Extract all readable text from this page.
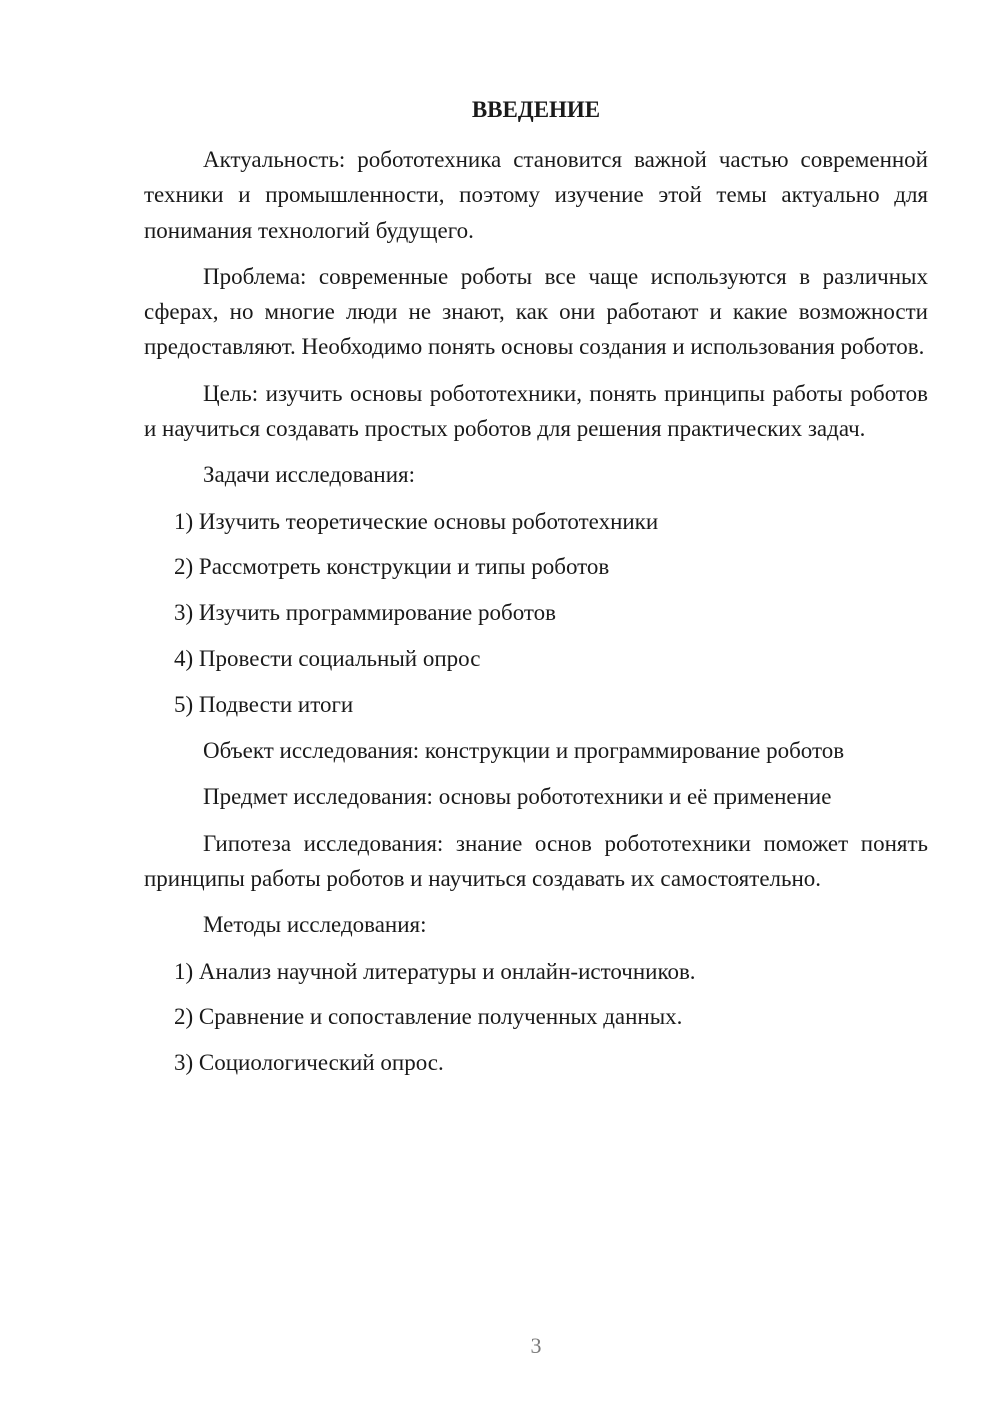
ВВЕДЕНИЕ

Актуальность: робототехника становится важной частью современной техники и промышленности, поэтому изучение этой темы актуально для понимания технологий будущего.

Проблема: современные роботы все чаще используются в различных сферах, но многие люди не знают, как они работают и какие возможности предоставляют. Необходимо понять основы создания и использования роботов.

Цель: изучить основы робототехники, понять принципы работы роботов и научиться создавать простых роботов для решения практических задач.

Задачи исследования:

1) Изучить теоретические основы робототехники

2) Рассмотреть конструкции и типы роботов

3) Изучить программирование роботов

4) Провести социальный опрос

5) Подвести итоги

Объект исследования: конструкции и программирование роботов

Предмет исследования: основы робототехники и её применение

Гипотеза исследования: знание основ робототехники поможет понять принципы работы роботов и научиться создавать их самостоятельно.

Методы исследования:

1) Анализ научной литературы и онлайн-источников.

2) Сравнение и сопоставление полученных данных.

3) Социологический опрос.

3
